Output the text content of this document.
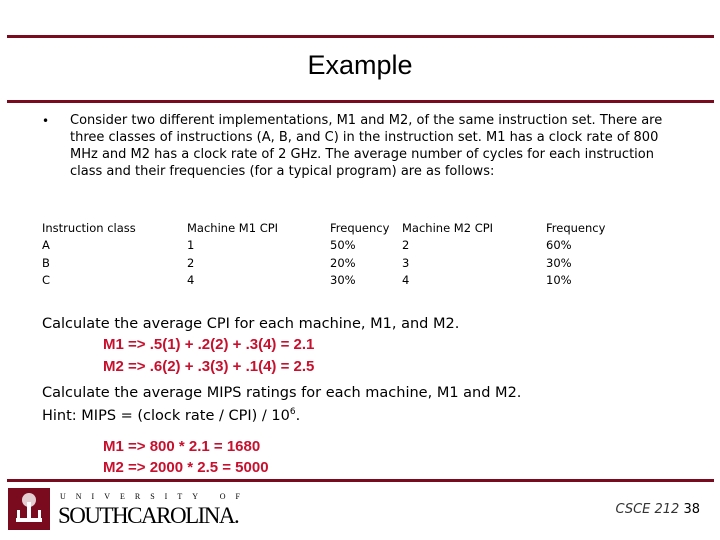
Example
• Consider two different implementations, M1 and M2, of the same instruction set. There are three classes of instructions (A, B, and C) in the instruction set. M1 has a clock rate of 800 MHz and M2 has a clock rate of 2 GHz. The average number of cycles for each instruction class and their frequencies (for a typical program) are as follows:
Instruction class	Machine M1 CPI	Frequency	Machine M2 CPI	Frequency
A	1	50%	2	60%
B	2	20%	3	30%
C	4	30%	4	10%
Calculate the average CPI for each machine, M1, and M2.
M1 => .5(1) + .2(2) + .3(4) = 2.1
M2 => .6(2) + .3(3) + .1(4) = 2.5
Calculate the average MIPS ratings for each machine, M1 and M2.
Hint: MIPS = (clock rate / $CPI) / 10^6$.
M1 => 800 * 2.1 = 1680
M2 => 2000 * 2.5 = 5000
UNIVERSITY OF
SOUTHCAROLINA.	CSCE 212 38
